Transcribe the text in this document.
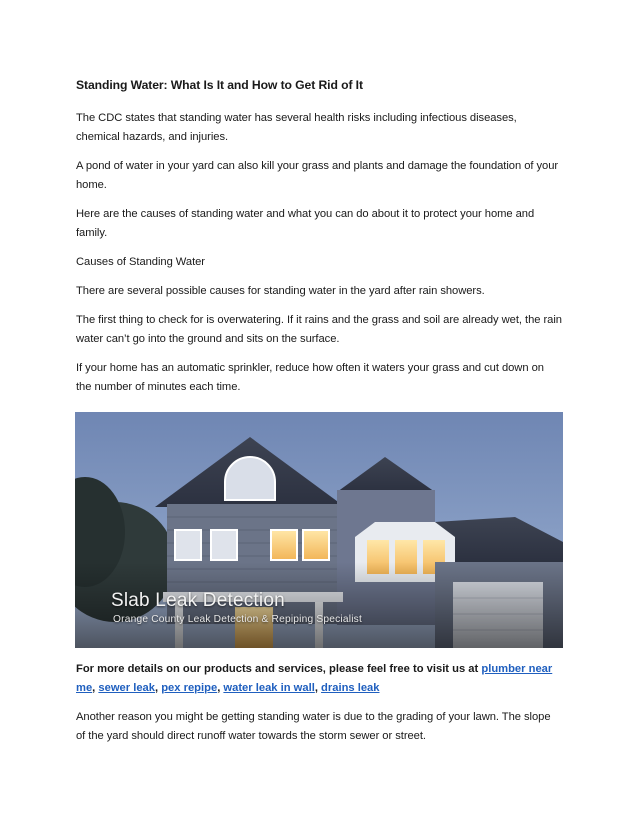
Standing Water: What Is It and How to Get Rid of It

The CDC states that standing water has several health risks including infectious diseases, chemical hazards, and injuries.

A pond of water in your yard can also kill your grass and plants and damage the foundation of your home.

Here are the causes of standing water and what you can do about it to protect your home and family.

Causes of Standing Water

There are several possible causes for standing water in the yard after rain showers.

The first thing to check for is overwatering. If it rains and the grass and soil are already wet, the rain water can’t go into the ground and sits on the surface.

If your home has an automatic sprinkler, reduce how often it waters your grass and cut down on the number of minutes each time.

Slab Leak Detection
Orange County Leak Detection & Repiping Specialist

For more details on our products and services, please feel free to visit us at plumber near me, sewer leak, pex repipe, water leak in wall, drains leak

Another reason you might be getting standing water is due to the grading of your lawn. The slope of the yard should direct runoff water towards the storm sewer or street.
